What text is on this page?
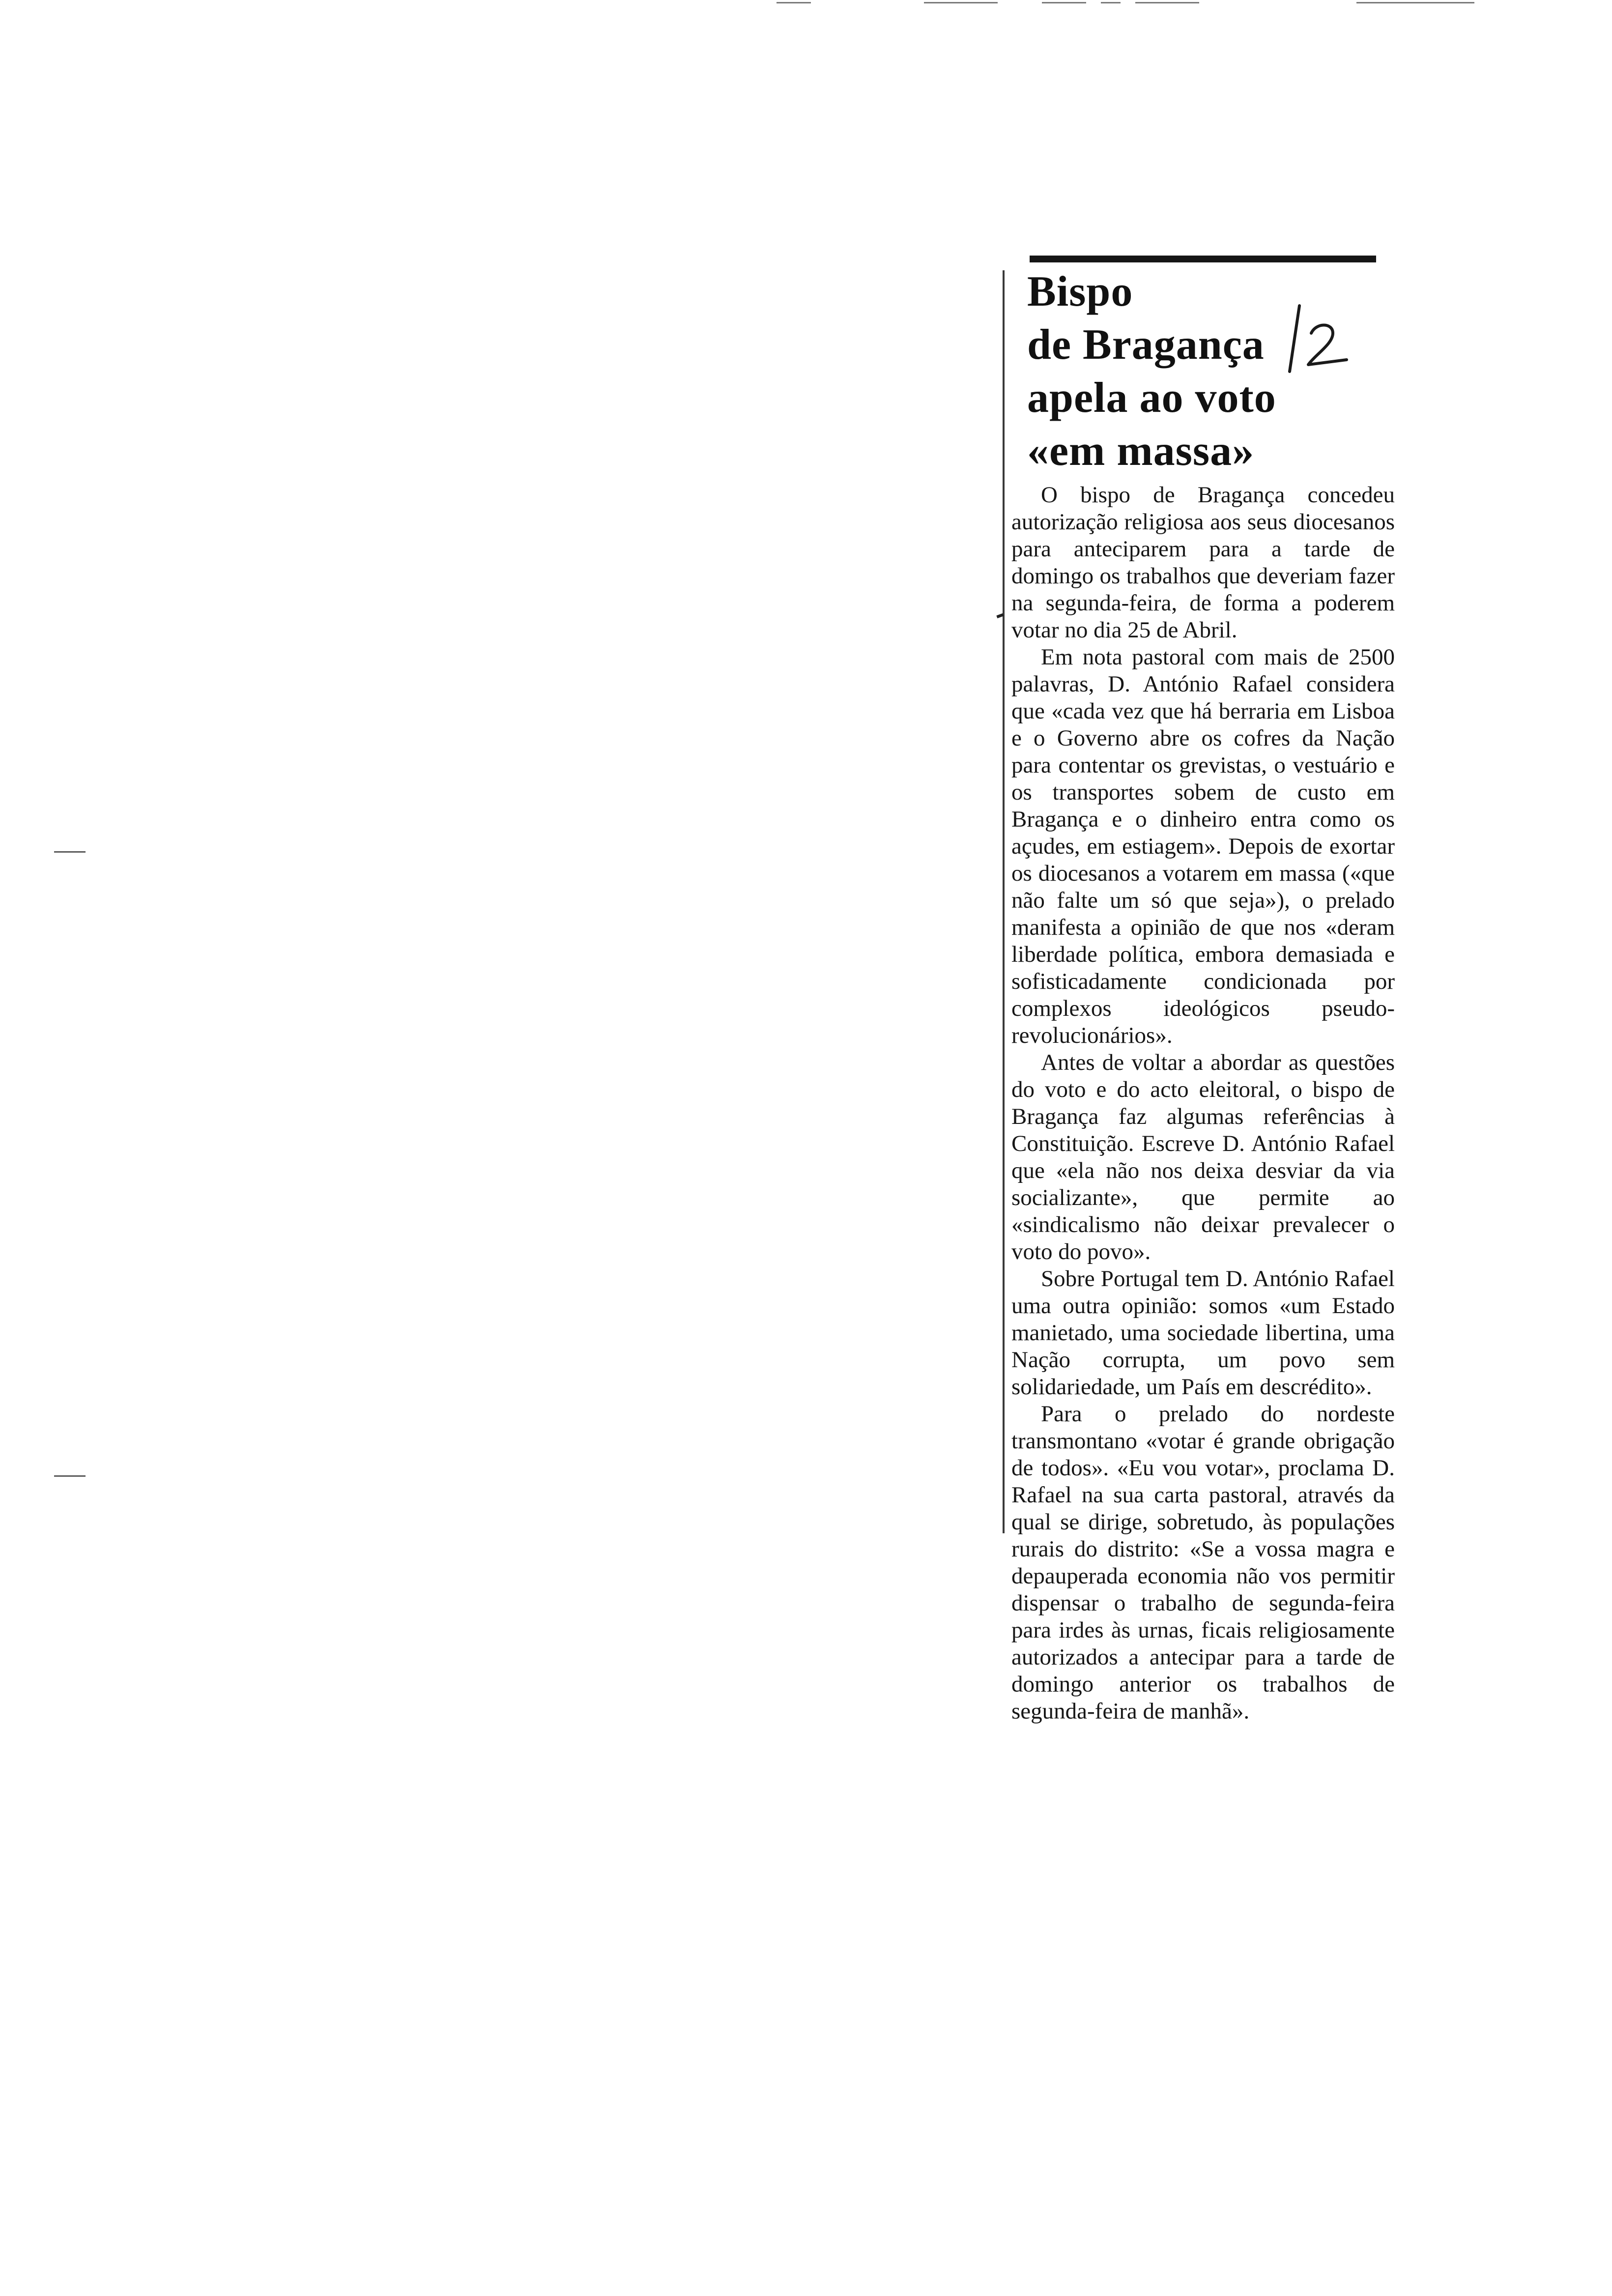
Bispo
de Bragança
apela ao voto
«em massa»

O bispo de Bragança concedeu autorização religiosa aos seus diocesanos para anteciparem para a tarde de domingo os trabalhos que deveriam fazer na segunda-feira, de forma a poderem votar no dia 25 de Abril.

Em nota pastoral com mais de 2500 palavras, D. António Rafael considera que «cada vez que há berraria em Lisboa e o Governo abre os cofres da Nação para contentar os grevistas, o vestuário e os transportes sobem de custo em Bragança e o dinheiro entra como os açudes, em estiagem». Depois de exortar os diocesanos a votarem em massa («que não falte um só que seja»), o prelado manifesta a opinião de que nos «deram liberdade política, embora demasiada e sofisticadamente condicionada por complexos ideológicos pseudo-revolucionários».

Antes de voltar a abordar as questões do voto e do acto eleitoral, o bispo de Bragança faz algumas referências à Constituição. Escreve D. António Rafael que «ela não nos deixa desviar da via socializante», que permite ao «sindicalismo não deixar prevalecer o voto do povo».

Sobre Portugal tem D. António Rafael uma outra opinião: somos «um Estado manietado, uma sociedade libertina, uma Nação corrupta, um povo sem solidariedade, um País em descrédito».

Para o prelado do nordeste transmontano «votar é grande obrigação de todos». «Eu vou votar», proclama D. Rafael na sua carta pastoral, através da qual se dirige, sobretudo, às populações rurais do distrito: «Se a vossa magra e depauperada economia não vos permitir dispensar o trabalho de segunda-feira para irdes às urnas, ficais religiosamente autorizados a antecipar para a tarde de domingo anterior os trabalhos de segunda-feira de manhã».
